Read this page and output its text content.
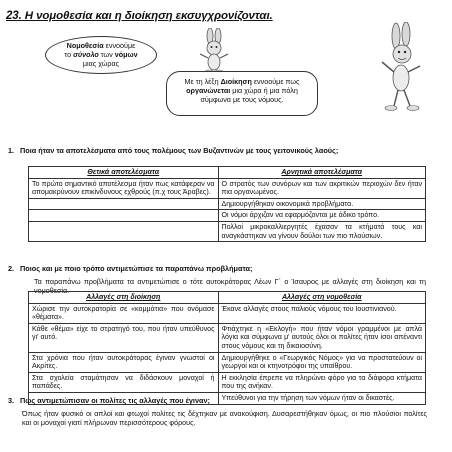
23. Η νομοθεσία και η διοίκηση εκσυγχρονίζονται.
Νομοθεσία εννοούμε
το σύνολο των νόμων
μιας χώρας
Με τη λέξη Διοίκηση εννοούμε πως
οργανώνεται μια χώρα ή μια πόλη
σύμφωνα με τους νόμους.
1. Ποια ήταν τα αποτελέσματα από τους πολέμους των Βυζαντινών με τους γειτονικούς λαούς;
Θετικά αποτελέσματα	Αρνητικά αποτελέσματα
Το πρώτο σημαντικό αποτέλεσμα ήταν πως κατάφεραν να απομακρύνουν επικίνδυνους εχθρούς (π.χ τους Άραβες).	Ο στρατός των συνόρων και των ακριτικών περιοχών δεν ήταν πια οργανωμένος.
	Δημιουργήθηκαν οικονομικά προβλήματα.
	Οι νόμοι άρχιζαν να εφαρμόζονται με άδικο τρόπο.
	Πολλοί μικροκαλλιεργητές έχασαν τα κτήματά τους και αναγκάστηκαν να γίνουν δούλοι των πιο πλούσιων.
2. Ποιος και με ποιο τρόπο αντιμετώπισε τα παραπάνω προβλήματα;
Τα παραπάνω προβλήματα τα αντιμετώπισε ο τότε αυτοκράτορας Λέων Γ΄ ο Ίσαυρος με αλλαγές στη διοίκηση και τη νομοθεσία.
Αλλαγές στη διοίκηση	Αλλαγές στη νομοθεσία
Χώρισε την αυτοκρατορία σε «κομμάτια» που ονόμασε «θέματα».	Έκανε αλλαγές στους παλιούς νόμους του Ιουστινιανού.
Κάθε «θέμα» είχε το στρατηγό του, που ήταν υπεύθυνος γι' αυτό.	Φτιάχτηκε η «Εκλογή» που ήταν νόμοι γραμμένοι με απλά λόγια και σύμφωνα μ' αυτούς όλοι οι πολίτες ήταν ίσοι απέναντι στους νόμους και τη δικαιοσύνη.
Στα χρόνια που ήταν αυτοκράτορας έγιναν γνωστοί οι Ακρίτες.	Δημιουργήθηκε ο «Γεωργικός Νόμος» για να προστατεύουν οι γεωργοί και οι κτηνοτρόφοι της υπαίθρου.
Στα σχολεία σταμάτησαν να διδάσκουν μοναχοί ή παπάδες.	Η εκκλησία έπρεπε να πληρώνει φόρο για τα διάφορα κτήματα που της ανήκαν.
	Υπεύθυνοι για την τήρηση των νόμων ήταν οι δικαστές.
3. Πως αντιμετώπισαν οι πολίτες τις αλλαγές που έγιναν;
Όπως ήταν φυσικό οι απλοί και φτωχοί πολίτες τις δέχτηκαν με ανακούφιση. Δυσαρεστήθηκαν όμως, οι πιο πλούσιοι πολίτες και οι μοναχοί γιατί πλήρωναν περισσότερους φόρους.
